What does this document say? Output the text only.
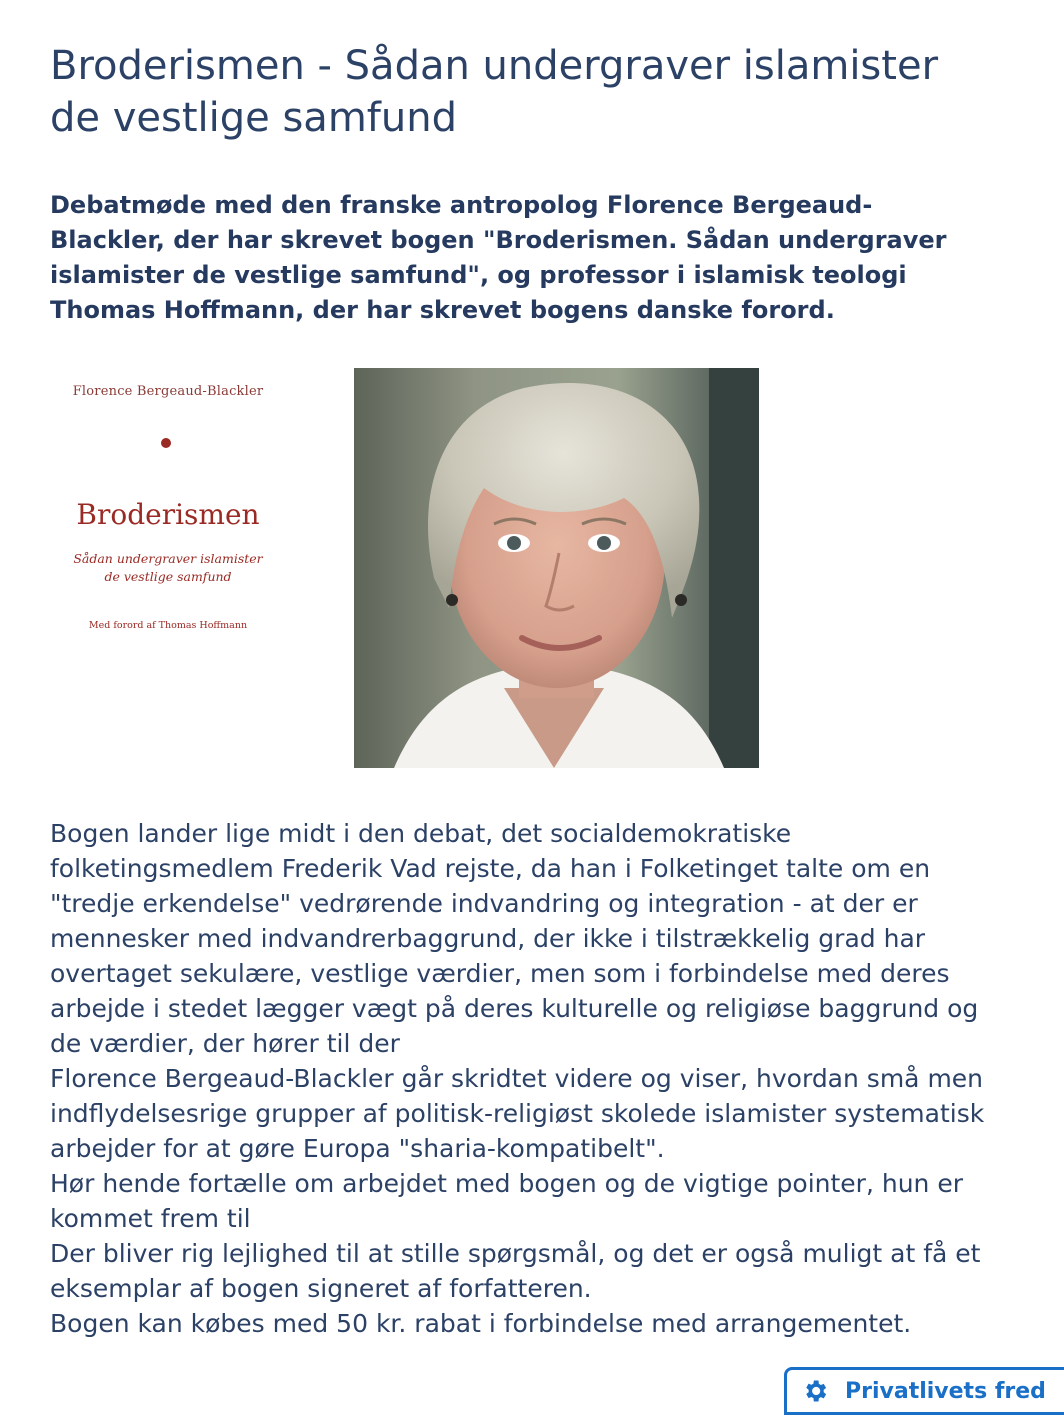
Broderismen - Sådan undergraver islamister de vestlige samfund

Debatmøde med den franske antropolog Florence Bergeaud-Blackler, der har skrevet bogen "Broderismen. Sådan undergraver islamister de vestlige samfund", og professor i islamisk teologi Thomas Hoffmann, der har skrevet bogens danske forord.

Florence Bergeaud-Blackler
Broderismen
Sådan undergraver islamister
de vestlige samfund
Med forord af Thomas Hoffmann

Bogen lander lige midt i den debat, det socialdemokratiske folketingsmedlem Frederik Vad rejste, da han i Folketinget talte om en "tredje erkendelse" vedrørende indvandring og integration - at der er mennesker med indvandrerbaggrund, der ikke i tilstrækkelig grad har overtaget sekulære, vestlige værdier, men som i forbindelse med deres arbejde i stedet lægger vægt på deres kulturelle og religiøse baggrund og de værdier, der hører til der

Florence Bergeaud-Blackler går skridtet videre og viser, hvordan små men indflydelsesrige grupper af politisk-religiøst skolede islamister systematisk arbejder for at gøre Europa "sharia-kompatibelt".

Hør hende fortælle om arbejdet med bogen og de vigtige pointer, hun er kommet frem til

Der bliver rig lejlighed til at stille spørgsmål, og det er også muligt at få et eksemplar af bogen signeret af forfatteren.

Bogen kan købes med 50 kr. rabat i forbindelse med arrangementet.

Privatlivets fred
